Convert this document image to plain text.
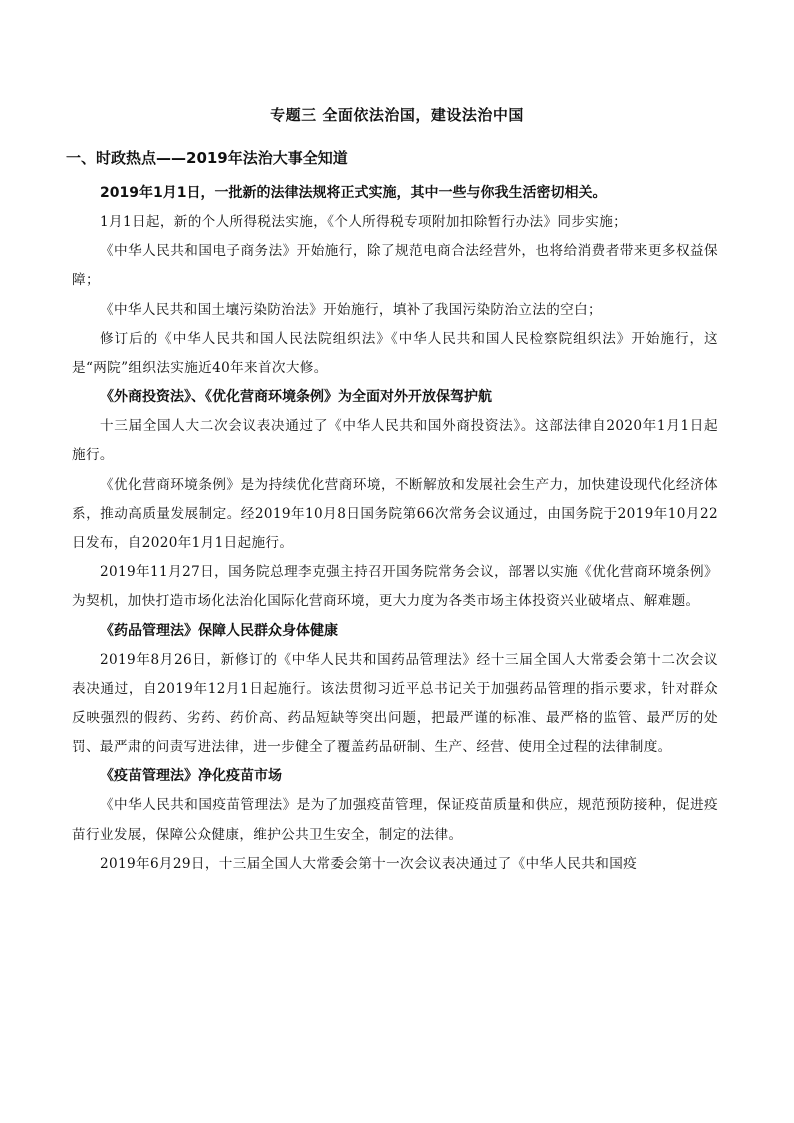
专题三 全面依法治国，建设法治中国
一、时政热点——2019年法治大事全知道
2019年1月1日，一批新的法律法规将正式实施，其中一些与你我生活密切相关。
1月1日起，新的个人所得税法实施，《个人所得税专项附加扣除暂行办法》同步实施；
《中华人民共和国电子商务法》开始施行，除了规范电商合法经营外，也将给消费者带来更多权益保障；
《中华人民共和国土壤污染防治法》开始施行，填补了我国污染防治立法的空白；
修订后的《中华人民共和国人民法院组织法》《中华人民共和国人民检察院组织法》开始施行，这是“两院”组织法实施近40年来首次大修。
《外商投资法》、《优化营商环境条例》为全面对外开放保驾护航
十三届全国人大二次会议表决通过了《中华人民共和国外商投资法》。这部法律自2020年1月1日起施行。
《优化营商环境条例》是为持续优化营商环境，不断解放和发展社会生产力，加快建设现代化经济体系，推动高质量发展制定。经2019年10月8日国务院第66次常务会议通过，由国务院于2019年10月22日发布，自2020年1月1日起施行。
2019年11月27日，国务院总理李克强主持召开国务院常务会议，部署以实施《优化营商环境条例》为契机，加快打造市场化法治化国际化营商环境，更大力度为各类市场主体投资兴业破堵点、解难题。
《药品管理法》保障人民群众身体健康
2019年8月26日，新修订的《中华人民共和国药品管理法》经十三届全国人大常委会第十二次会议表决通过，自2019年12月1日起施行。该法贯彻习近平总书记关于加强药品管理的指示要求，针对群众反映强烈的假药、劣药、药价高、药品短缺等突出问题，把最严谨的标准、最严格的监管、最严厉的处罚、最严肃的问责写进法律，进一步健全了覆盖药品研制、生产、经营、使用全过程的法律制度。
《疫苗管理法》净化疫苗市场
《中华人民共和国疫苗管理法》是为了加强疫苗管理，保证疫苗质量和供应，规范预防接种，促进疫苗行业发展，保障公众健康，维护公共卫生安全，制定的法律。
2019年6月29日，十三届全国人大常委会第十一次会议表决通过了《中华人民共和国疫
